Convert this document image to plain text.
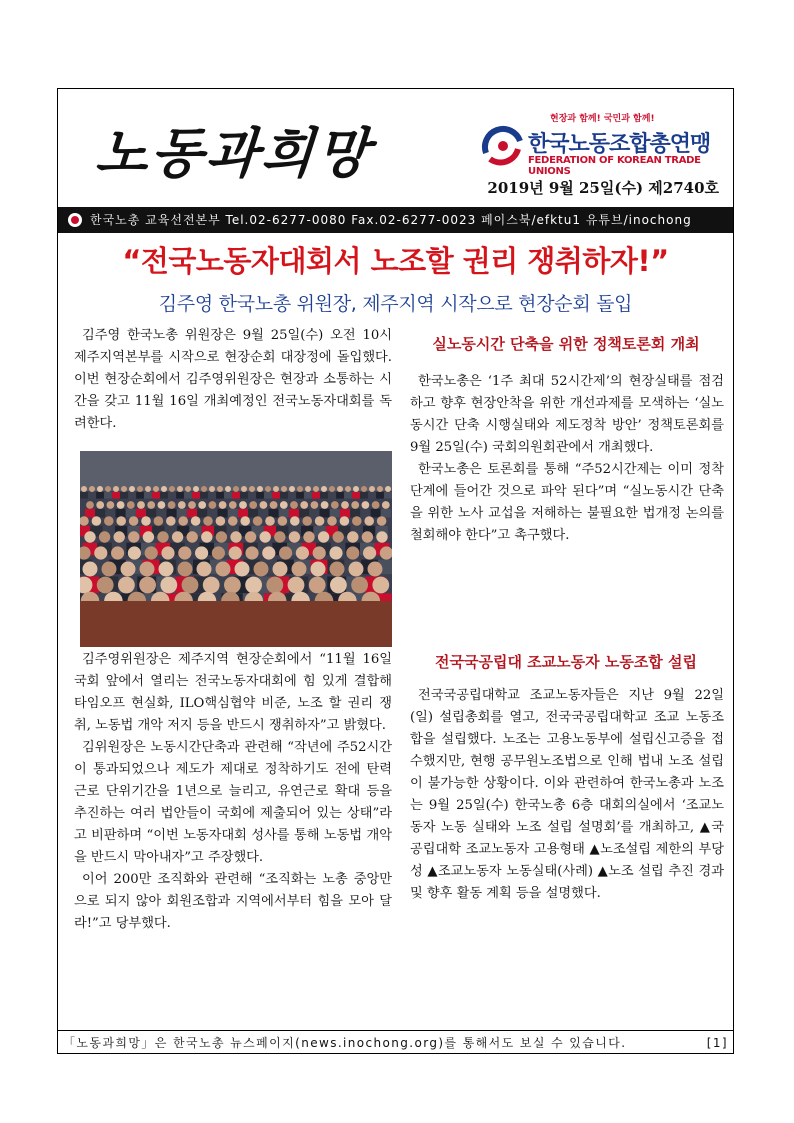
노동과희망
현장과 함께! 국민과 함께!
한국노동조합총연맹
FEDERATION OF KOREAN TRADE UNIONS
2019년 9월 25일(수) 제2740호
한국노총 교육선전본부 Tel.02-6277-0080 Fax.02-6277-0023 페이스북/efktu1 유튜브/inochong
“전국노동자대회서 노조할 권리 쟁취하자!”
김주영 한국노총 위원장, 제주지역 시작으로 현장순회 돌입

김주영 한국노총 위원장은 9월 25일(수) 오전 10시 제주지역본부를 시작으로 현장순회 대장정에 돌입했다. 이번 현장순회에서 김주영위원장은 현장과 소통하는 시간을 갖고 11월 16일 개최예정인 전국노동자대회를 독려한다.

김주영위원장은 제주지역 현장순회에서 “11월 16일 국회 앞에서 열리는 전국노동자대회에 힘 있게 결합해 타임오프 현실화, ILO핵심협약 비준, 노조 할 권리 쟁취, 노동법 개악 저지 등을 반드시 쟁취하자”고 밝혔다.

김위원장은 노동시간단축과 관련해 “작년에 주52시간이 통과되었으나 제도가 제대로 정착하기도 전에 탄력근로 단위기간을 1년으로 늘리고, 유연근로 확대 등을 추진하는 여러 법안들이 국회에 제출되어 있는 상태”라고 비판하며 “이번 노동자대회 성사를 통해 노동법 개악을 반드시 막아내자”고 주장했다.

이어 200만 조직화와 관련해 “조직화는 노총 중앙만으로 되지 않아 회원조합과 지역에서부터 힘을 모아 달라!”고 당부했다.

실노동시간 단축을 위한 정책토론회 개최

한국노총은 ‘1주 최대 52시간제’의 현장실태를 점검하고 향후 현장안착을 위한 개선과제를 모색하는 ‘실노동시간 단축 시행실태와 제도정착 방안’ 정책토론회를 9월 25일(수) 국회의원회관에서 개최했다.

한국노총은 토론회를 통해 “주52시간제는 이미 정착단계에 들어간 것으로 파악 된다”며 “실노동시간 단축을 위한 노사 교섭을 저해하는 불필요한 법개정 논의를 철회해야 한다”고 촉구했다.

전국국공립대 조교노동자 노동조합 설립

전국국공립대학교 조교노동자들은 지난 9월 22일(일) 설립총회를 열고, 전국국공립대학교 조교 노동조합을 설립했다. 노조는 고용노동부에 설립신고증을 접수했지만, 현행 공무원노조법으로 인해 법내 노조 설립이 불가능한 상황이다. 이와 관련하여 한국노총과 노조는 9월 25일(수) 한국노총 6층 대회의실에서 ‘조교노동자 노동 실태와 노조 설립 설명회’를 개최하고, ▲국공립대학 조교노동자 고용형태 ▲노조설립 제한의 부당성 ▲조교노동자 노동실태(사례) ▲노조 설립 추진 경과 및 향후 활동 계획 등을 설명했다.

「노동과희망」은 한국노총 뉴스페이지(news.inochong.org)를 통해서도 보실 수 있습니다.	[1]
